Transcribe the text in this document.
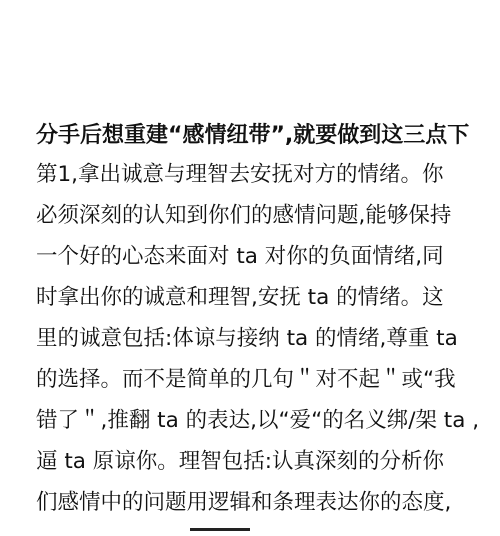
分手后想重建“感情纽带”,就要做到这三点下
第1,拿出诚意与理智去安抚对方的情绪。你
必须深刻的认知到你们的感情问题,能够保持
一个好的心态来面对 ta 对你的负面情绪,同
时拿出你的诚意和理智,安抚 ta 的情绪。这
里的诚意包括:体谅与接纳 ta 的情绪,尊重 ta
的选择。而不是简单的几句＂对不起＂或“我
错了＂,推翻 ta 的表达,以“爱“的名义绑/架 ta ,
逼 ta 原谅你。理智包括:认真深刻的分析你
们感情中的问题用逻辑和条理表达你的态度,
